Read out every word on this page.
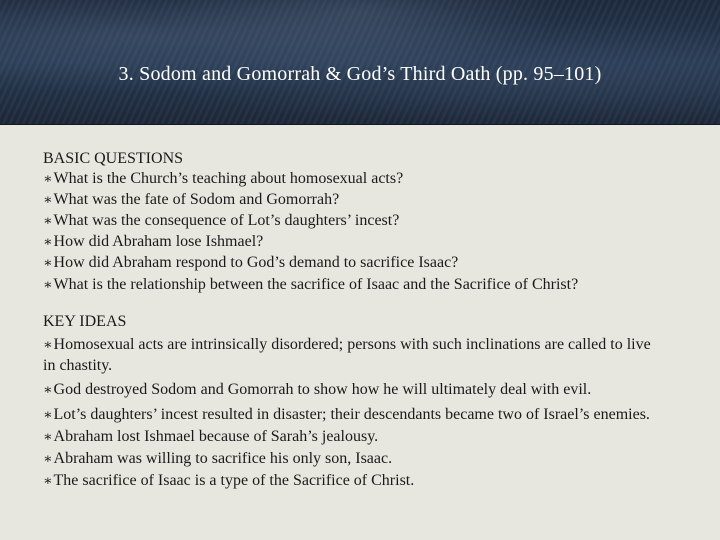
3. Sodom and Gomorrah & God’s Third Oath (pp. 95–101)
BASIC QUESTIONS
∗What is the Church’s teaching about homosexual acts?
∗What was the fate of Sodom and Gomorrah?
∗What was the consequence of Lot’s daughters’ incest?
∗How did Abraham lose Ishmael?
∗How did Abraham respond to God’s demand to sacrifice Isaac?
∗What is the relationship between the sacrifice of Isaac and the Sacrifice of Christ?
KEY IDEAS
∗Homosexual acts are intrinsically disordered; persons with such inclinations are called to live in chastity.
∗God destroyed Sodom and Gomorrah to show how he will ultimately deal with evil.
∗Lot’s daughters’ incest resulted in disaster; their descendants became two of Israel’s enemies.
∗Abraham lost Ishmael because of Sarah’s jealousy.
∗Abraham was willing to sacrifice his only son, Isaac.
∗The sacrifice of Isaac is a type of the Sacrifice of Christ.
